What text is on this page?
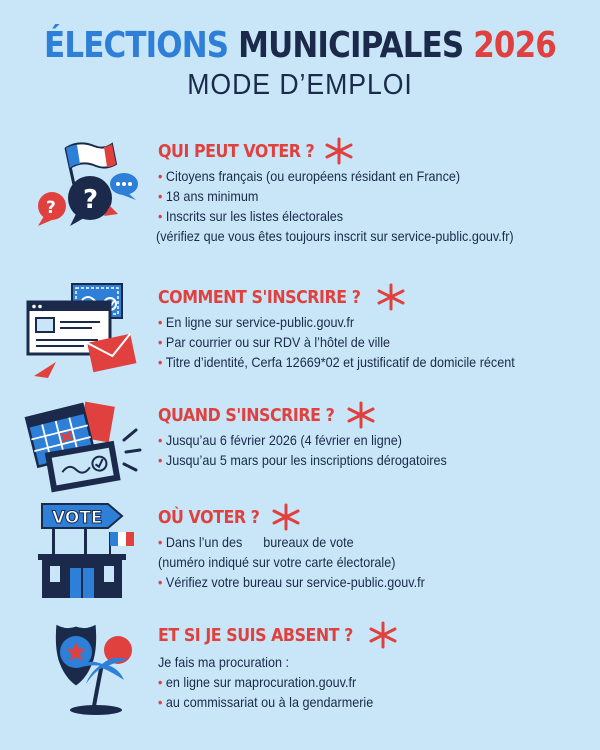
ÉLECTIONS MUNICIPALES 2026
MODE D’EMPLOI
?
?
QUI PEUT VOTER ?
• Citoyens français (ou européens résidant en France)
• 18 ans minimum
• Inscrits sur les listes électorales
(vérifiez que vous êtes toujours inscrit sur service-public.gouv.fr)
COMMENT S'INSCRIRE ?
• En ligne sur service-public.gouv.fr
• Par courrier ou sur RDV à l’hôtel de ville
• Titre d’identité, Cerfa 12669*02 et justificatif de domicile récent
QUAND S'INSCRIRE ?
• Jusqu’au 6 février 2026 (4 février en ligne)
• Jusqu’au 5 mars pour les inscriptions dérogatoires
VOTE	OÙ VOTER ?
• Dans l’un des      bureaux de vote
(numéro indiqué sur votre carte électorale)
• Vérifiez votre bureau sur service-public.gouv.fr
ET SI JE SUIS ABSENT ?
Je fais ma procuration :
• en ligne sur maprocuration.gouv.fr
• au commissariat ou à la gendarmerie
